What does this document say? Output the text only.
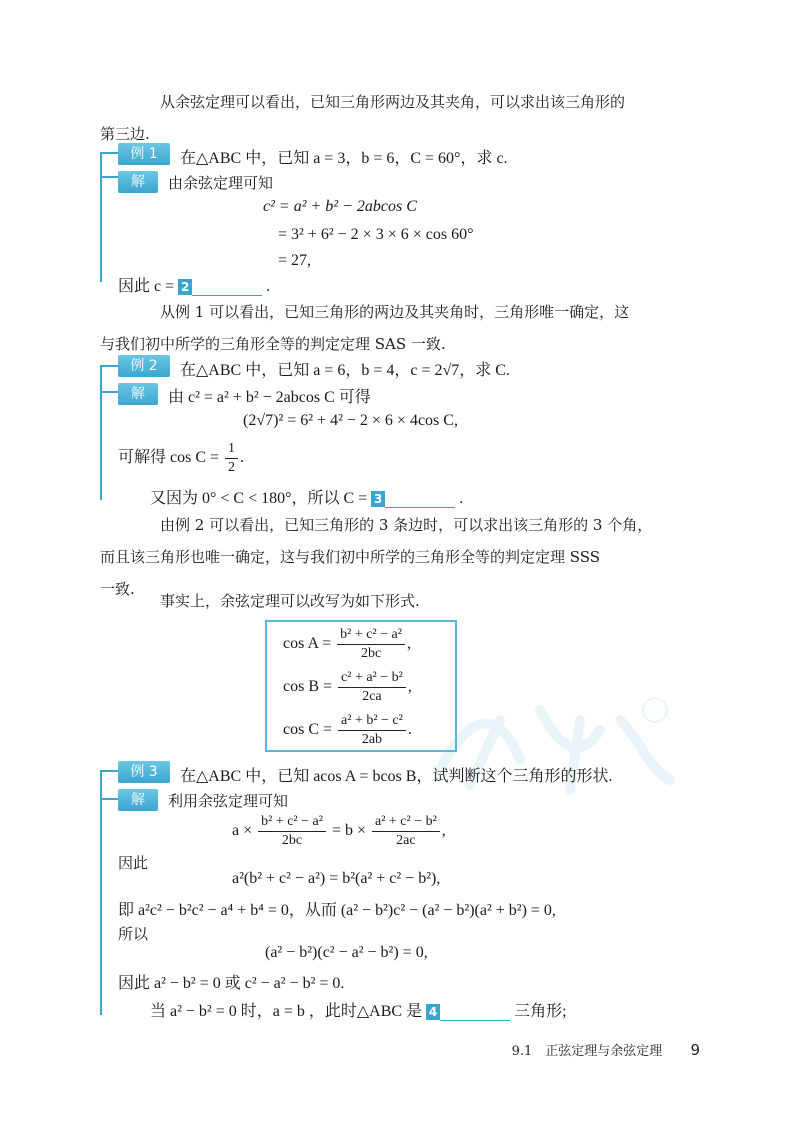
从余弦定理可以看出，已知三角形两边及其夹角，可以求出该三角形的
第三边.
例 1	在△ABC 中，已知 a = 3，b = 6，C = 60°，求 c.
解	由余弦定理可知
c² = a² + b² − 2abcos C
= 3² + 6² − 2 × 3 × 6 × cos 60°
= 27,
因此 c = 2	.
从例 1 可以看出，已知三角形的两边及其夹角时，三角形唯一确定，这
与我们初中所学的三角形全等的判定定理 SAS 一致.
例 2	在△ABC 中，已知 a = 6，b = 4，c = 2√7，求 C.
解	由 c² = a² + b² − 2abcos C 可得
(2√7)² = 6² + 4² − 2 × 6 × 4cos C,
可解得 $\cos C = \frac{1}{2}$ .
又因为 0° < C < 180°，所以 C = 3	.
由例 2 可以看出，已知三角形的 3 条边时，可以求出该三角形的 3 个角，
而且该三角形也唯一确定，这与我们初中所学的三角形全等的判定定理 SSS
一致.
事实上，余弦定理可以改写为如下形式.
$\cos A = \frac{\text{b² + c² − a²}}{2bc}$ ,
$\cos B = \frac{\text{c² + a² − b²}}{2ca}$ ,
$\cos C = \frac{\text{a² + b² − c²}}{2ab}$ .
例 3	在△ABC 中，已知 acos A = bcos B，试判断这个三角形的形状.
解	利用余弦定理可知
$a \times \frac{\text{b² + c² − a²}}{2bc} = b \times \frac{\text{a² + c² − b²}}{2ac}$ ,
因此
a²(b² + c² − a²) = b²(a² + c² − b²),
即 a²c² − b²c² − a⁴ + b⁴ = 0，从而 (a² − b²)c² − (a² − b²)(a² + b²) = 0,
所以
(a² − b²)(c² − a² − b²) = 0,
因此 a² − b² = 0 或 c² − a² − b² = 0.
当 a² − b² = 0 时，a = b ，此时△ABC 是 4	三角形;
9.1　正弦定理与余弦定理 9
